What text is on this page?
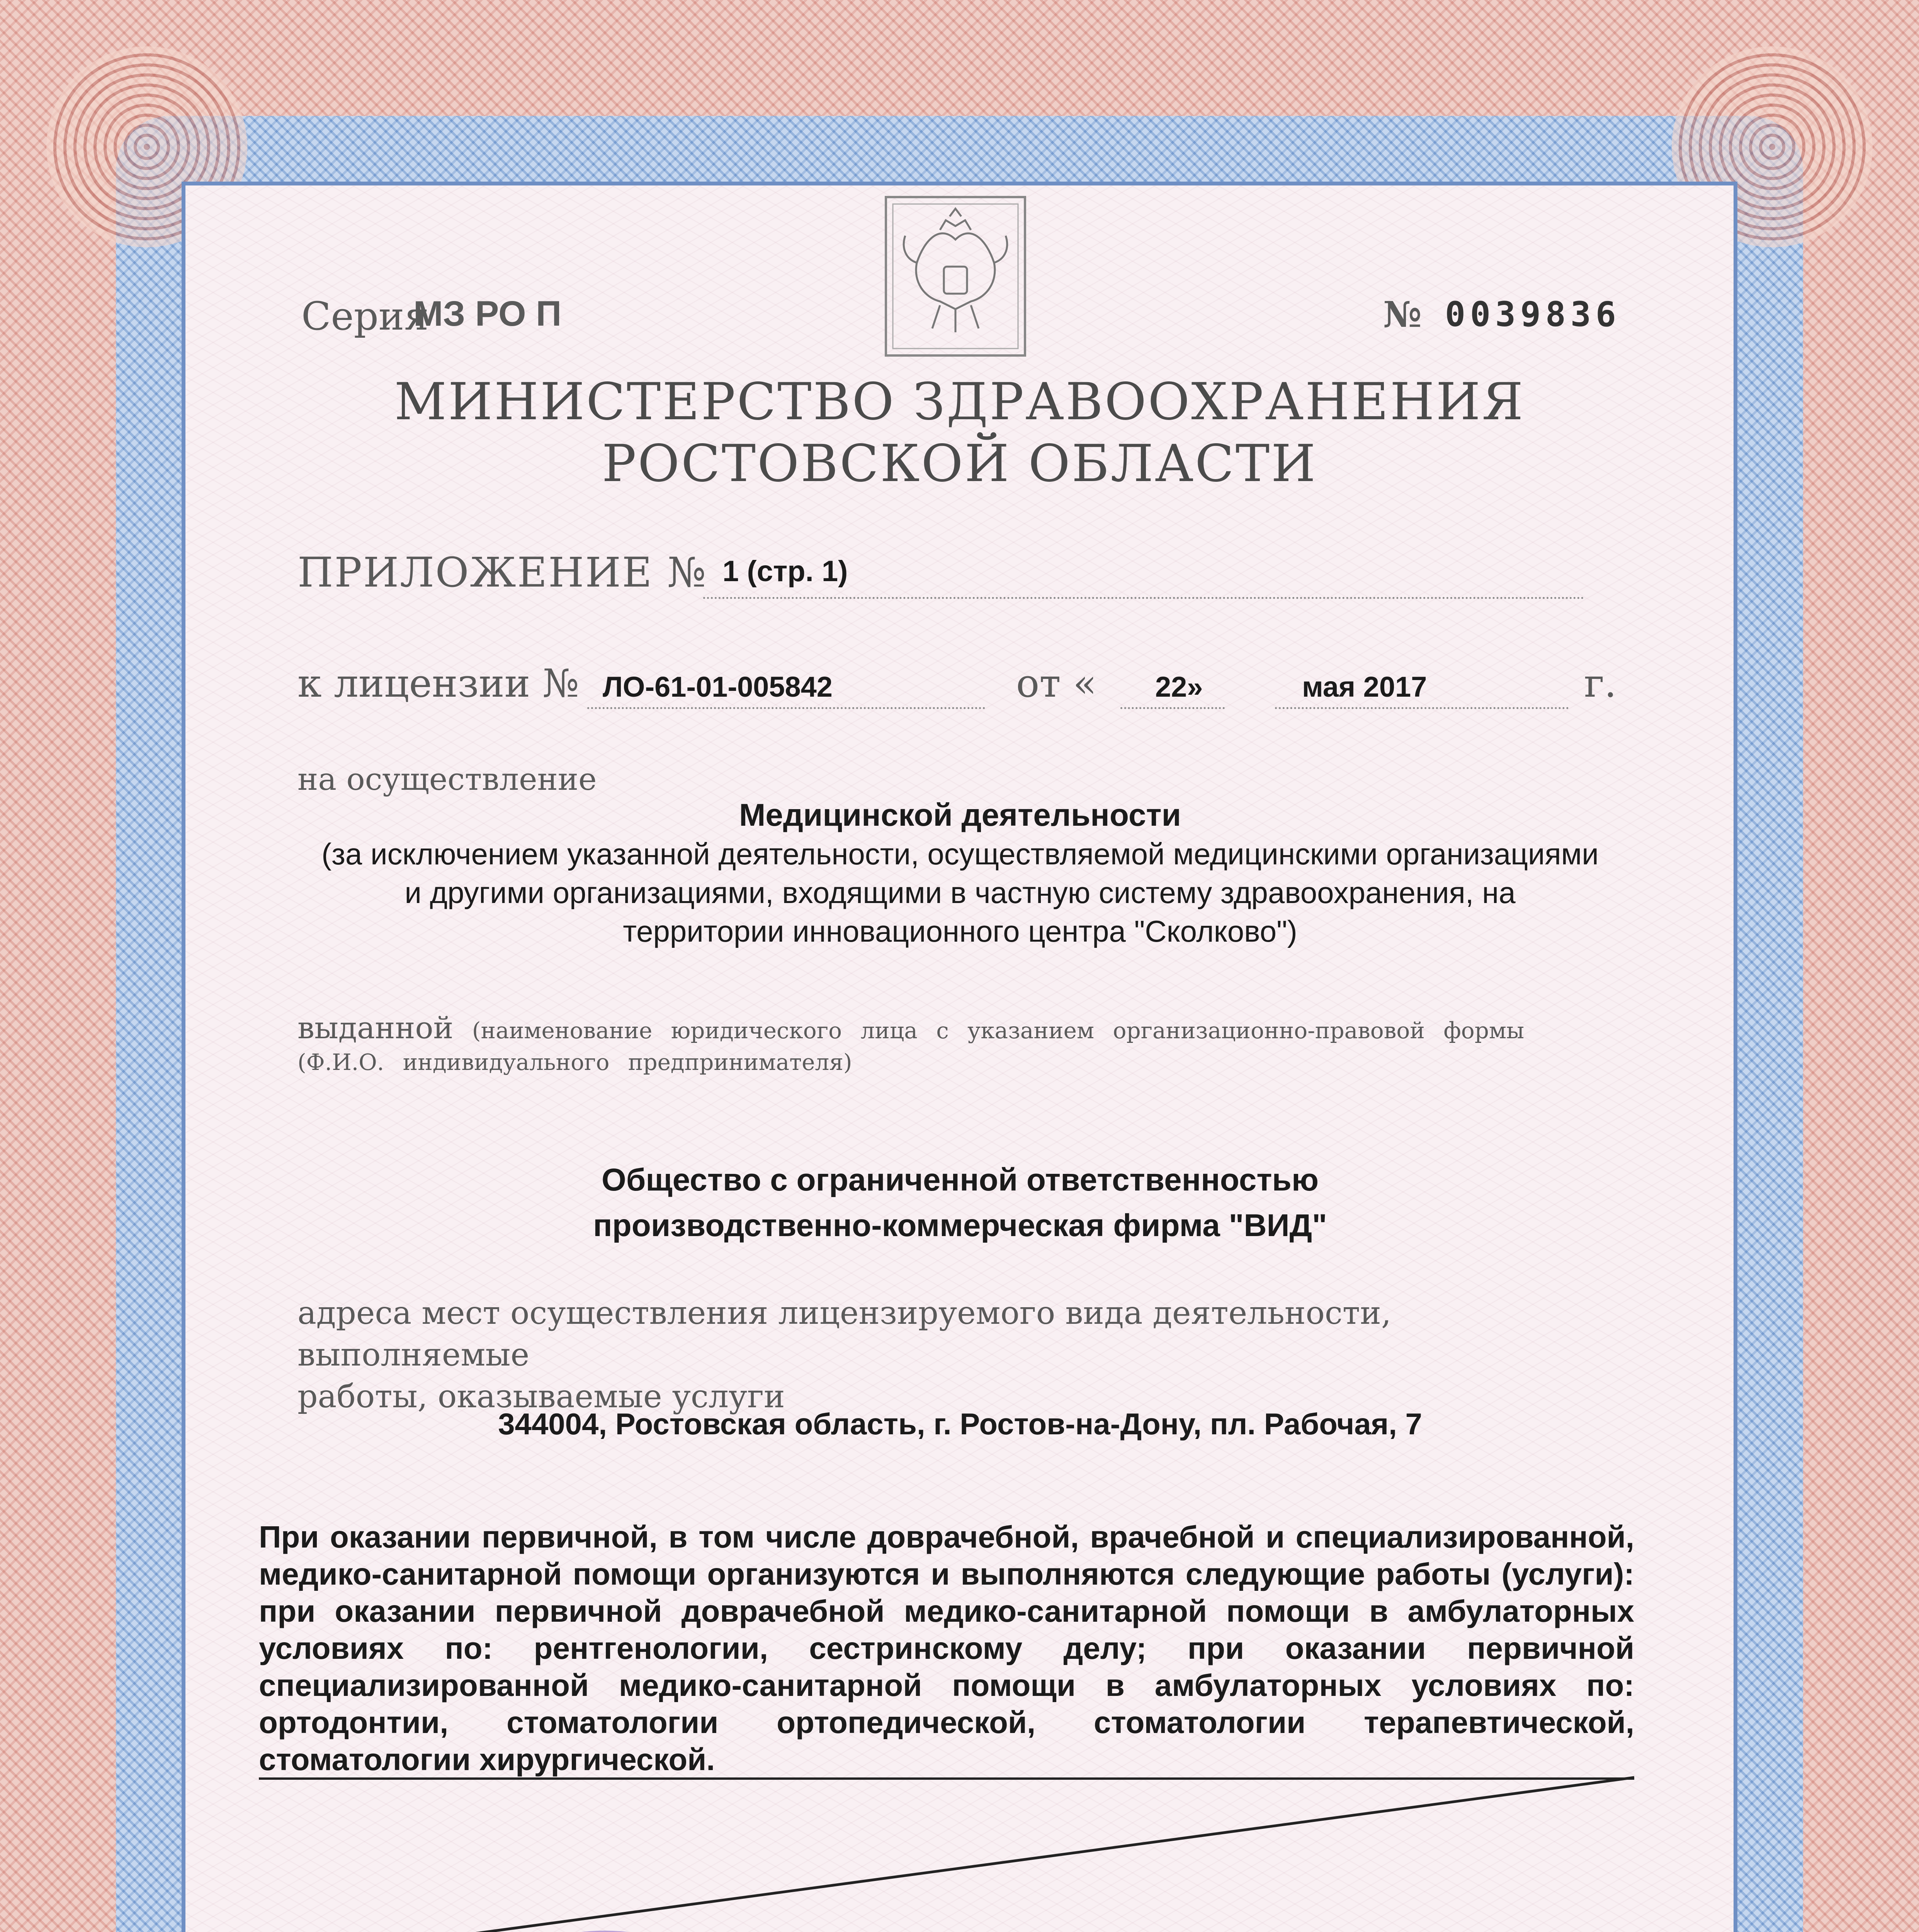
Серия
МЗ РО П	№ 0039836
МИНИСТЕРСТВО ЗДРАВООХРАНЕНИЯ
РОСТОВСКОЙ ОБЛАСТИ
ПРИЛОЖЕНИЕ № 1 (стр. 1)
к лицензии № ЛО-61-01-005842	от « 22»	мая 2017	г.
на осуществление
Медицинской деятельности
(за исключением указанной деятельности, осуществляемой медицинскими организациями
и другими организациями, входящими в частную систему здравоохранения, на
территории инновационного центра "Сколково")
выданной (наименование юридического лица с указанием организационно-правовой формы
(Ф.И.О. индивидуального предпринимателя)
Общество с ограниченной ответственностью
производственно-коммерческая фирма "ВИД"
адреса мест осуществления лицензируемого вида деятельности, выполняемые
работы, оказываемые услуги
344004, Ростовская область, г. Ростов-на-Дону, пл. Рабочая, 7
При оказании первичной, в том числе доврачебной, врачебной и специализированной, медико-санитарной помощи организуются и выполняются следующие работы (услуги): при оказании первичной доврачебной медико-санитарной помощи в амбулаторных условиях по: рентгенологии, сестринскому делу; при оказании первичной специализированной медико-санитарной помощи в амбулаторных условиях по: ортодонтии, стоматологии ортопедической, стоматологии терапевтической, стоматологии хирургической.
